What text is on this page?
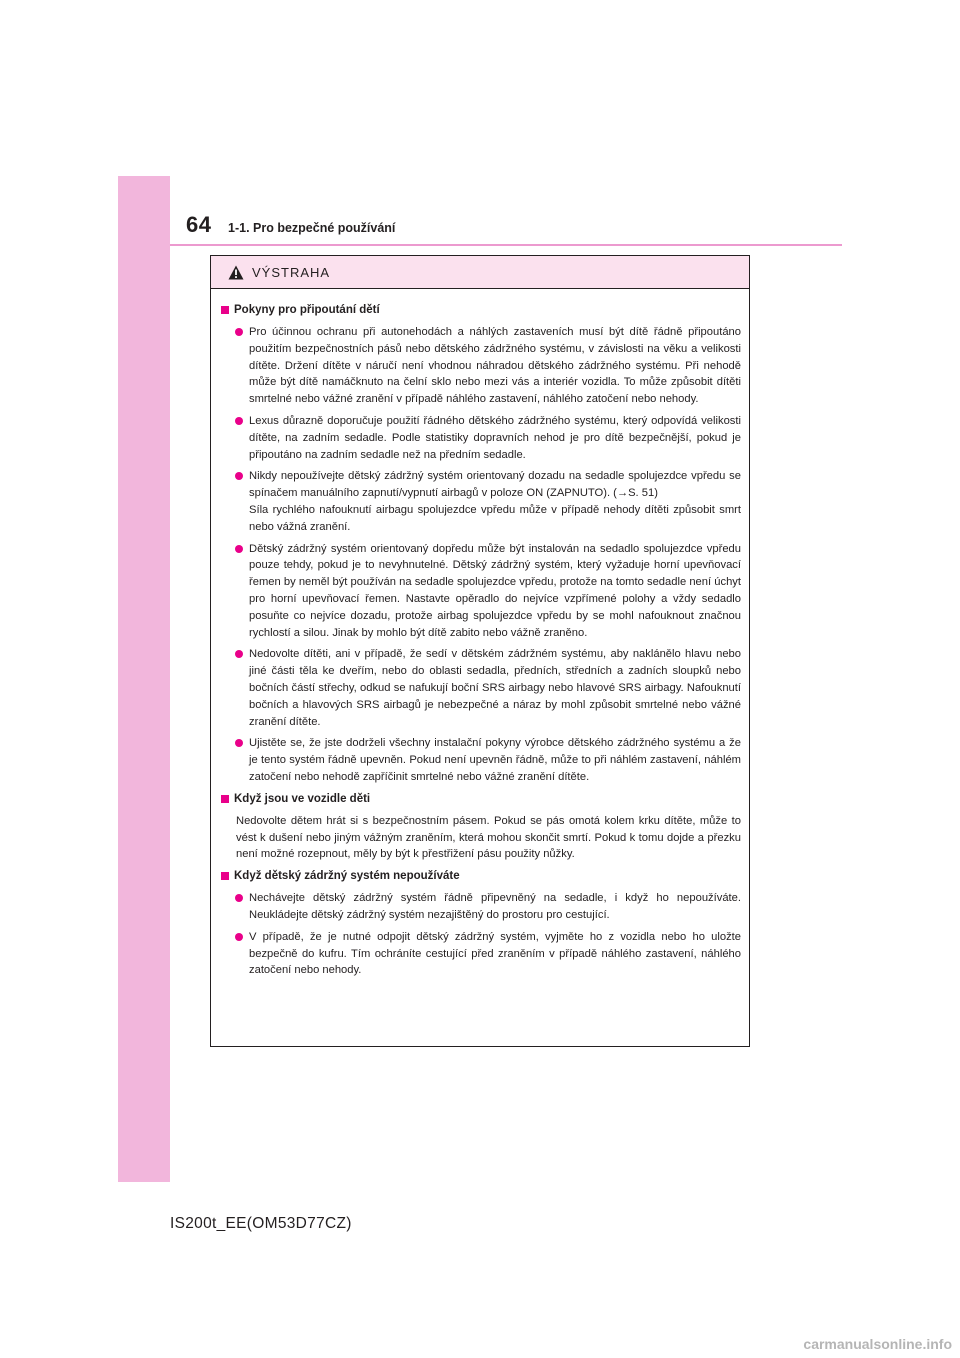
64 1-1. Pro bezpečné používání
VÝSTRAHA
Pokyny pro připoutání dětí
Pro účinnou ochranu při autonehodách a náhlých zastaveních musí být dítě řádně připoutáno použitím bezpečnostních pásů nebo dětského zádržného systému, v závislosti na věku a velikosti dítěte. Držení dítěte v náručí není vhodnou náhradou dětského zádržného systému. Při nehodě může být dítě namáčknuto na čelní sklo nebo mezi vás a interiér vozidla. To může způsobit dítěti smrtelné nebo vážné zranění v případě náhlého zastavení, náhlého zatočení nebo nehody.
Lexus důrazně doporučuje použití řádného dětského zádržného systému, který odpovídá velikosti dítěte, na zadním sedadle. Podle statistiky dopravních nehod je pro dítě bezpečnější, pokud je připoutáno na zadním sedadle než na předním sedadle.
Nikdy nepoužívejte dětský zádržný systém orientovaný dozadu na sedadle spolujezdce vpředu se spínačem manuálního zapnutí/vypnutí airbagů v poloze ON (ZAPNUTO). (→S. 51)
Síla rychlého nafouknutí airbagu spolujezdce vpředu může v případě nehody dítěti způsobit smrt nebo vážná zranění.
Dětský zádržný systém orientovaný dopředu může být instalován na sedadlo spolujezdce vpředu pouze tehdy, pokud je to nevyhnutelné. Dětský zádržný systém, který vyžaduje horní upevňovací řemen by neměl být používán na sedadle spolujezdce vpředu, protože na tomto sedadle není úchyt pro horní upevňovací řemen. Nastavte opěradlo do nejvíce vzpřímené polohy a vždy sedadlo posuňte co nejvíce dozadu, protože airbag spolujezdce vpředu by se mohl nafouknout značnou rychlostí a silou. Jinak by mohlo být dítě zabito nebo vážně zraněno.
Nedovolte dítěti, ani v případě, že sedí v dětském zádržném systému, aby naklánělo hlavu nebo jiné části těla ke dveřím, nebo do oblasti sedadla, předních, středních a zadních sloupků nebo bočních částí střechy, odkud se nafukují boční SRS airbagy nebo hlavové SRS airbagy. Nafouknutí bočních a hlavových SRS airbagů je nebezpečné a náraz by mohl způsobit smrtelné nebo vážné zranění dítěte.
Ujistěte se, že jste dodrželi všechny instalační pokyny výrobce dětského zádržného systému a že je tento systém řádně upevněn. Pokud není upevněn řádně, může to při náhlém zastavení, náhlém zatočení nebo nehodě zapříčinit smrtelné nebo vážné zranění dítěte.
Když jsou ve vozidle děti
Nedovolte dětem hrát si s bezpečnostním pásem. Pokud se pás omotá kolem krku dítěte, může to vést k dušení nebo jiným vážným zraněním, která mohou skončit smrtí. Pokud k tomu dojde a přezku není možné rozepnout, měly by být k přestřižení pásu použity nůžky.
Když dětský zádržný systém nepoužíváte
Nechávejte dětský zádržný systém řádně připevněný na sedadle, i když ho nepoužíváte. Neukládejte dětský zádržný systém nezajištěný do prostoru pro cestující.
V případě, že je nutné odpojit dětský zádržný systém, vyjměte ho z vozidla nebo ho uložte bezpečně do kufru. Tím ochráníte cestující před zraněním v případě náhlého zastavení, náhlého zatočení nebo nehody.
IS200t_EE(OM53D77CZ)
carmanualsonline.info
